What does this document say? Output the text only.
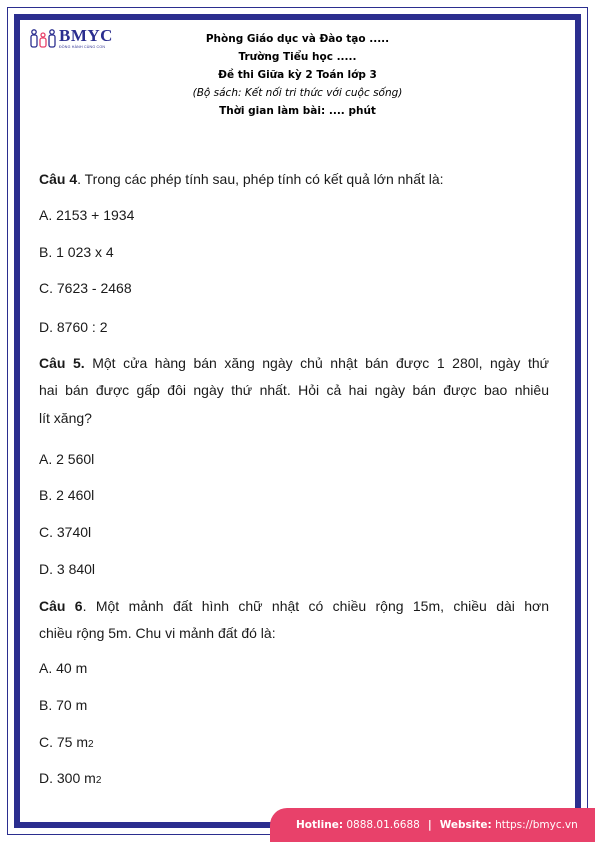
BMYC
ĐỒNG HÀNH CÙNG CON
Phòng Giáo dục và Đào tạo .....
Trường Tiểu học .....
Đề thi Giữa kỳ 2 Toán lớp 3
(Bộ sách: Kết nối tri thức với cuộc sống)
Thời gian làm bài: .... phút
Câu 4. Trong các phép tính sau, phép tính có kết quả lớn nhất là:
A. 2153 + 1934
B. 1 023 x 4
C. 7623 - 2468
D. 8760 : 2
Câu 5. Một cửa hàng bán xăng ngày chủ nhật bán được 1 280l, ngày thứ
hai bán được gấp đôi ngày thứ nhất. Hỏi cả hai ngày bán được bao nhiêu
lít xăng?
A. 2 560l
B. 2 460l
C. 3740l
D. 3 840l
Câu 6. Một mảnh đất hình chữ nhật có chiều rộng 15m, chiều dài hơn
chiều rộng 5m. Chu vi mảnh đất đó là:
A. 40 m
B. 70 m
C. 75 m2
D. 300 m2
Hotline: 0888.01.6688 | Website: https://bmyc.vn
